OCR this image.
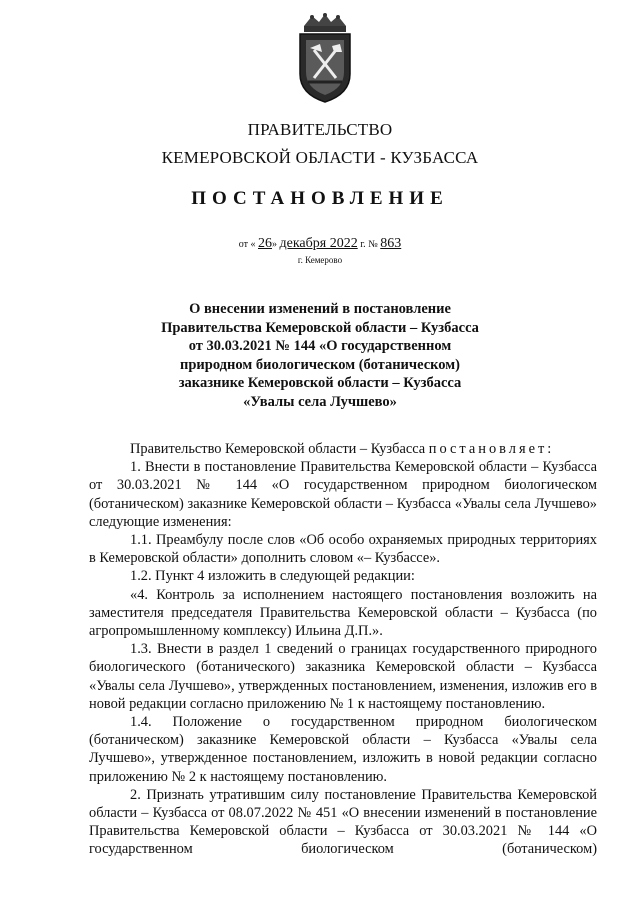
ПРАВИТЕЛЬСТВО
КЕМЕРОВСКОЙ ОБЛАСТИ - КУЗБАССА
ПОСТАНОВЛЕНИЕ
от « 26» декабря 2022 г. № 863
г. Кемерово
О внесении изменений в постановление
Правительства Кемеровской области – Кузбасса
от 30.03.2021 № 144 «О государственном
природном биологическом (ботаническом)
заказнике Кемеровской области – Кузбасса
«Увалы села Лучшево»

Правительство Кемеровской области – Кузбасса постановляет:

1. Внести в постановление Правительства Кемеровской области – Кузбасса от 30.03.2021 № 144 «О государственном природном биологическом (ботаническом) заказнике Кемеровской области – Кузбасса «Увалы села Лучшево» следующие изменения:

1.1. Преамбулу после слов «Об особо охраняемых природных территориях в Кемеровской области» дополнить словом «– Кузбассе».

1.2. Пункт 4 изложить в следующей редакции:

«4. Контроль за исполнением настоящего постановления возложить на заместителя председателя Правительства Кемеровской области – Кузбасса (по агропромышленному комплексу) Ильина Д.П.».

1.3. Внести в раздел 1 сведений о границах государственного природного биологического (ботанического) заказника Кемеровской области – Кузбасса «Увалы села Лучшево», утвержденных постановлением, изменения, изложив его в новой редакции согласно приложению № 1 к настоящему постановлению.

1.4. Положение о государственном природном биологическом (ботаническом) заказнике Кемеровской области – Кузбасса «Увалы села Лучшево», утвержденное постановлением, изложить в новой редакции согласно приложению № 2 к настоящему постановлению.

2. Признать утратившим силу постановление Правительства Кемеровской области – Кузбасса от 08.07.2022 № 451 «О внесении изменений в постановление Правительства Кемеровской области – Кузбасса от 30.03.2021 № 144 «О государственном биологическом (ботаническом)
